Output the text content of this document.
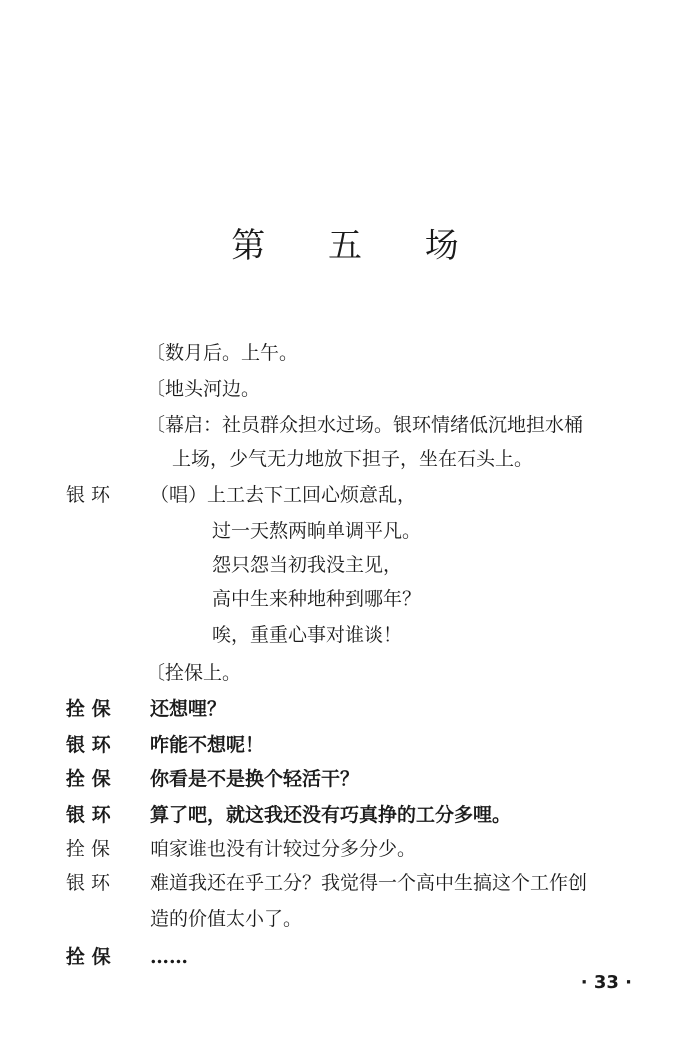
第 五 场
〔数月后。上午。
〔地头河边。
〔幕启：社员群众担水过场。银环情绪低沉地担水桶
上场，少气无力地放下担子，坐在石头上。
银 环	（唱）上工去下工回心烦意乱，
过一天熬两晌单调平凡。
怨只怨当初我没主见，
高中生来种地种到哪年？
唉，重重心事对谁谈！
〔拴保上。
拴 保	还想哩？
银 环	咋能不想呢！
拴 保	你看是不是换个轻活干？
银 环	算了吧，就这我还没有巧真挣的工分多哩。
拴 保	咱家谁也没有计较过分多分少。
银 环	难道我还在乎工分？我觉得一个高中生搞这个工作创
造的价值太小了。
拴 保	……
· 33 ·
